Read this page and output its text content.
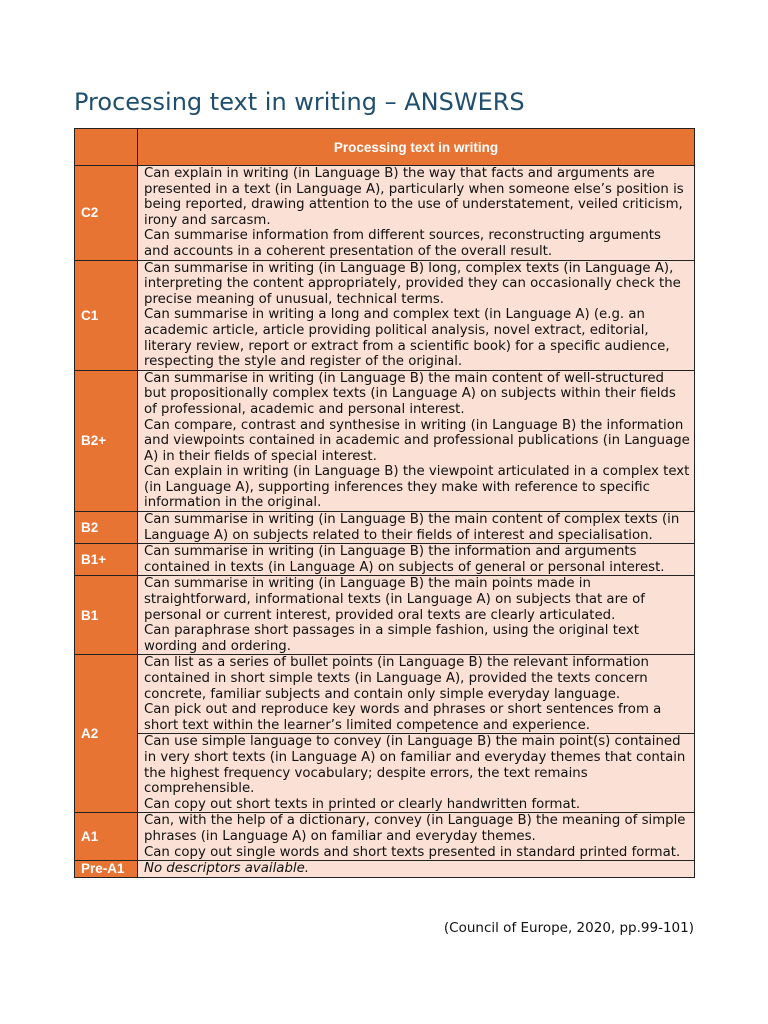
Processing text in writing – ANSWERS
	Processing text in writing
C2	Can explain in writing (in Language B) the way that facts and arguments are presented in a text (in Language A), particularly when someone else’s position is being reported, drawing attention to the use of understatement, veiled criticism, irony and sarcasm.

Can summarise information from different sources, reconstructing arguments and accounts in a coherent presentation of the overall result.

C1	Can summarise in writing (in Language B) long, complex texts (in Language A), interpreting the content appropriately, provided they can occasionally check the precise meaning of unusual, technical terms.

Can summarise in writing a long and complex text (in Language A) (e.g. an academic article, article providing political analysis, novel extract, editorial, literary review, report or extract from a scientific book) for a specific audience, respecting the style and register of the original.

B2+	Can summarise in writing (in Language B) the main content of well-structured but propositionally complex texts (in Language A) on subjects within their fields of professional, academic and personal interest.

Can compare, contrast and synthesise in writing (in Language B) the information and viewpoints contained in academic and professional publications (in Language A) in their fields of special interest.

Can explain in writing (in Language B) the viewpoint articulated in a complex text (in Language A), supporting inferences they make with reference to specific information in the original.

B2	Can summarise in writing (in Language B) the main content of complex texts (in Language A) on subjects related to their fields of interest and specialisation.

B1+	Can summarise in writing (in Language B) the information and arguments contained in texts (in Language A) on subjects of general or personal interest.

B1	Can summarise in writing (in Language B) the main points made in straightforward, informational texts (in Language A) on subjects that are of personal or current interest, provided oral texts are clearly articulated.

Can paraphrase short passages in a simple fashion, using the original text wording and ordering.

A2	Can list as a series of bullet points (in Language B) the relevant information contained in short simple texts (in Language A), provided the texts concern concrete, familiar subjects and contain only simple everyday language.

Can pick out and reproduce key words and phrases or short sentences from a short text within the learner’s limited competence and experience.

	Can use simple language to convey (in Language B) the main point(s) contained in very short texts (in Language A) on familiar and everyday themes that contain the highest frequency vocabulary; despite errors, the text remains comprehensible.

Can copy out short texts in printed or clearly handwritten format.

A1	Can, with the help of a dictionary, convey (in Language B) the meaning of simple phrases (in Language A) on familiar and everyday themes.

Can copy out single words and short texts presented in standard printed format.

Pre-A1	No descriptors available.

(Council of Europe, 2020, pp.99-101)
